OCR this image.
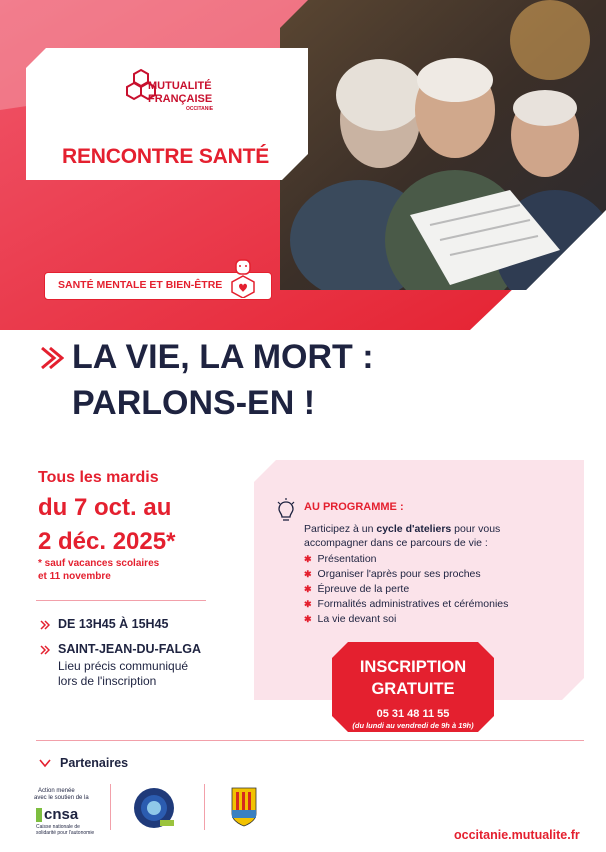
MUTUALITÉ
FRANÇAISE
OCCITANIE
RENCONTRE SANTÉ
SANTÉ MENTALE ET BIEN-ÊTRE
LA VIE, LA MORT :
PARLONS-EN !
Tous les mardis
du 7 oct. au
2 déc. 2025*
* sauf vacances scolaires
et 11 novembre
DE 13H45 À 15H45
SAINT-JEAN-DU-FALGA
Lieu précis communiqué
lors de l'inscription
AU PROGRAMME :
Participez à un cycle d'ateliers pour vous
accompagner dans ce parcours de vie :
✱ Présentation
✱ Organiser l'après pour ses proches
✱ Épreuve de la perte
✱ Formalités administratives et cérémonies
✱ La vie devant soi
INSCRIPTION
GRATUITE
05 31 48 11 55
(du lundi au vendredi de 9h à 19h)
Partenaires
Action menée
avec le soutien de la
cnsa
Caisse nationale de solidarité pour l'autonomie	occitanie.mutualite.fr
